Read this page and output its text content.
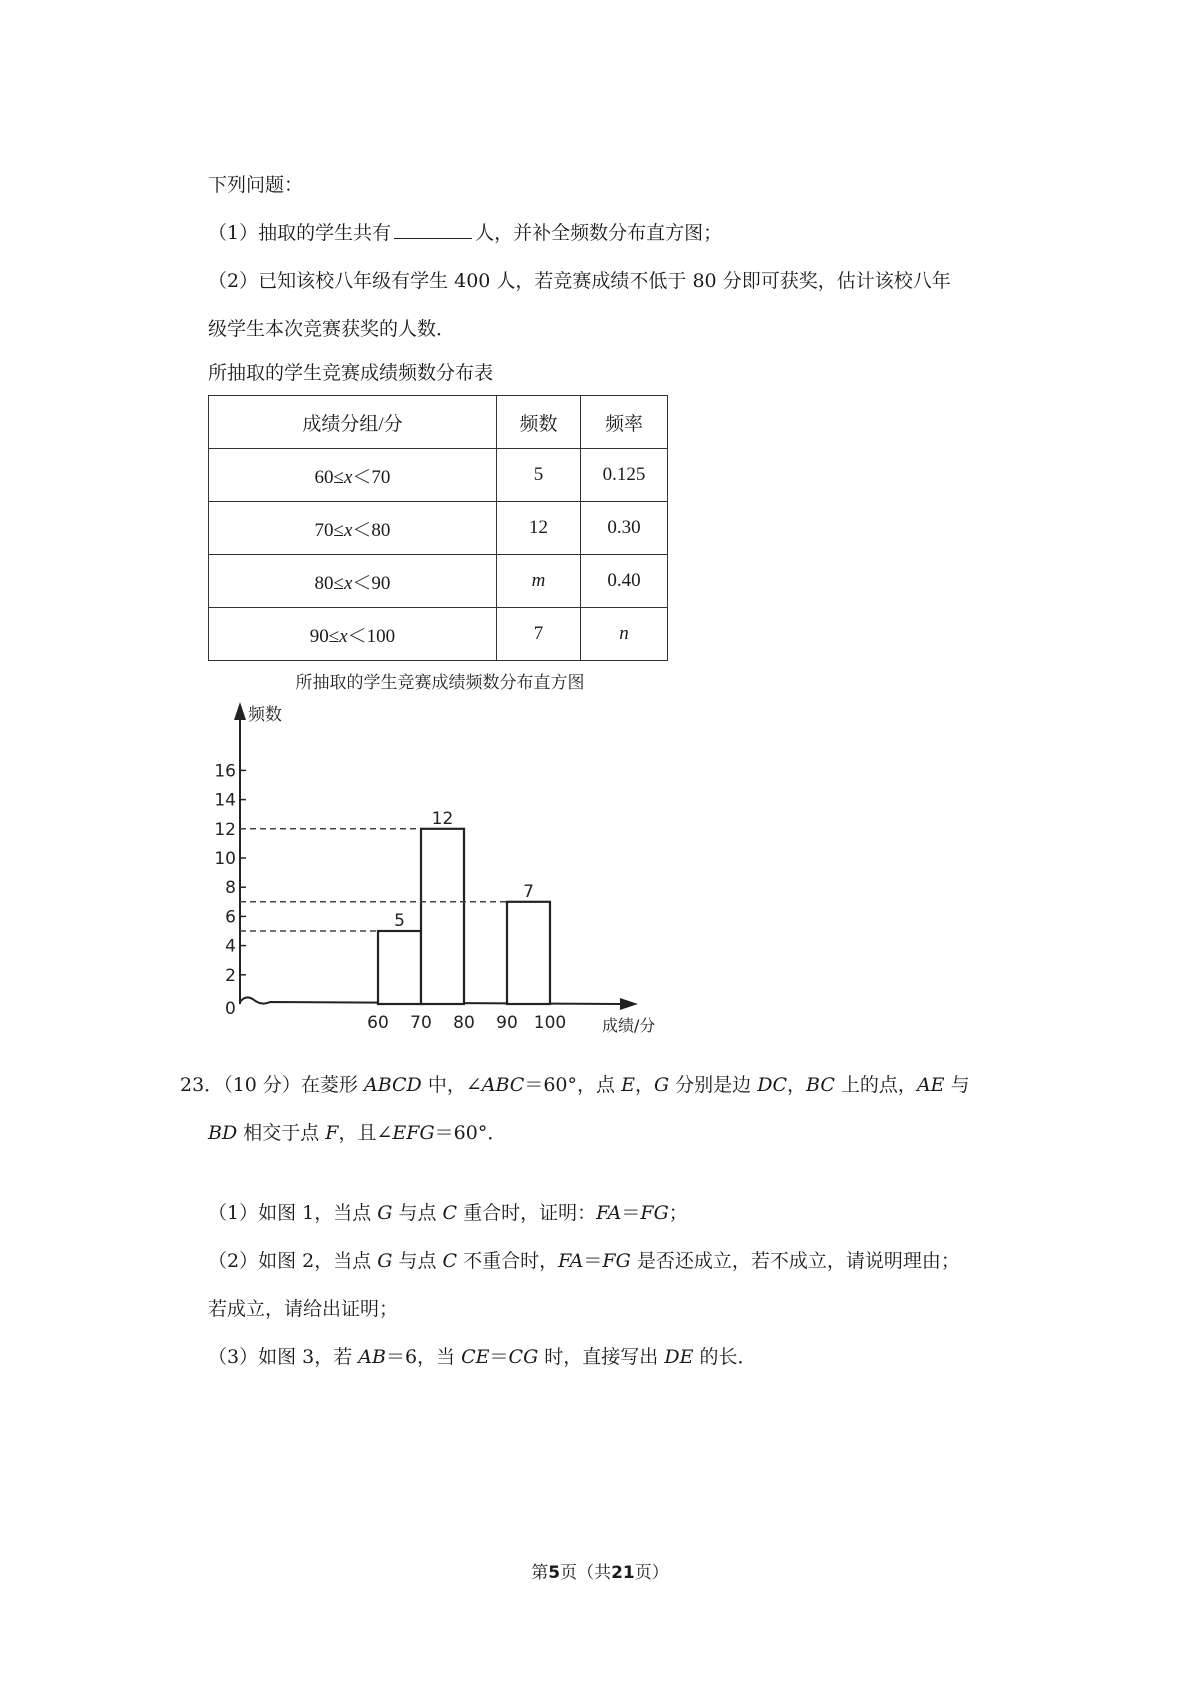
下列问题：
（1）抽取的学生共有	人，并补全频数分布直方图；
（2）已知该校八年级有学生 400 人，若竞赛成绩不低于 80 分即可获奖，估计该校八年
级学生本次竞赛获奖的人数．
所抽取的学生竞赛成绩频数分布表
成绩分组/分	频数	频率
60≤x＜70	5	0.125
70≤x＜80	12	0.30
80≤x＜90	m	0.40
90≤x＜100	7	n
所抽取的学生竞赛成绩频数分布直方图
频数
成绩/分
0
2
4
6
8
10
12
14
16
60 70 80 90 100
5
12
7
23．（10 分）在菱形 ABCD 中，∠ABC＝60°，点 E，G 分别是边 DC，BC 上的点，AE 与
BD 相交于点 F，且∠EFG＝60°．
（1）如图 1，当点 G 与点 C 重合时，证明：FA＝FG；
（2）如图 2，当点 G 与点 C 不重合时，FA＝FG 是否还成立，若不成立，请说明理由；
若成立，请给出证明；
（3）如图 3，若 AB＝6，当 CE＝CG 时，直接写出 DE 的长．
第5页（共21页）
